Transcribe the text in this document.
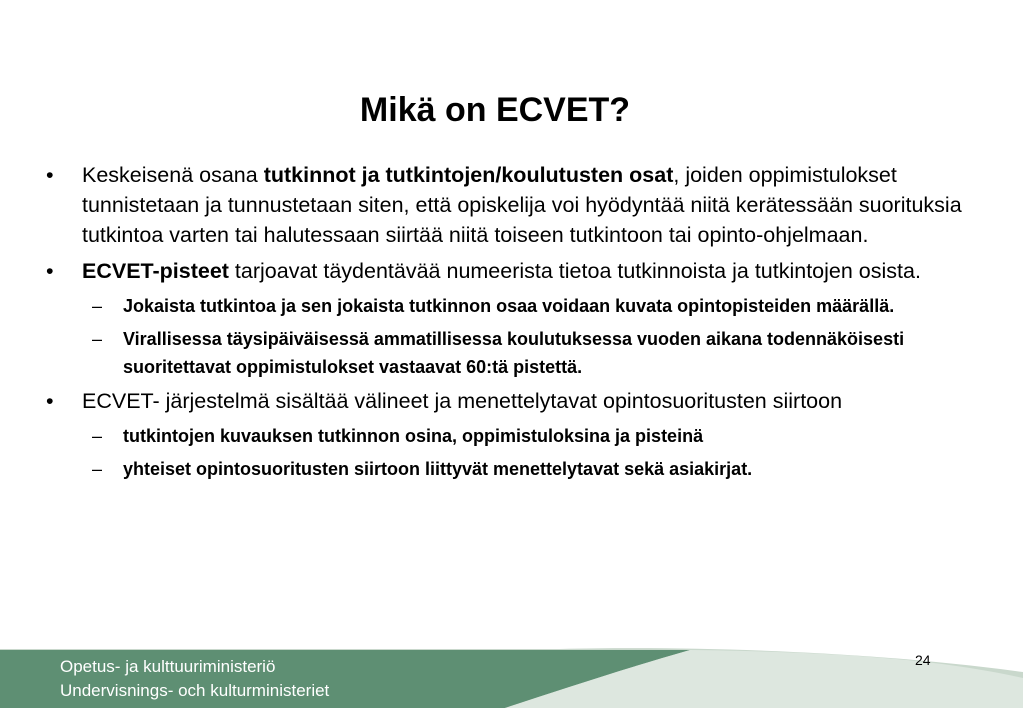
Mikä on ECVET?
• Keskeisenä osana tutkinnot ja tutkintojen/koulutusten osat, joiden oppimistulokset tunnistetaan ja tunnustetaan siten, että opiskelija voi hyödyntää niitä kerätessään suorituksia tutkintoa varten tai halutessaan siirtää niitä toiseen tutkintoon tai opinto-ohjelmaan.
• ECVET-pisteet tarjoavat täydentävää numeerista tietoa tutkinnoista ja tutkintojen osista.
– Jokaista tutkintoa ja sen jokaista tutkinnon osaa voidaan kuvata opintopisteiden määrällä.
– Virallisessa täysipäiväisessä ammatillisessa koulutuksessa vuoden aikana todennäköisesti suoritettavat oppimistulokset vastaavat 60:tä pistettä.
• ECVET- järjestelmä sisältää välineet ja menettelytavat opintosuoritusten siirtoon
– tutkintojen kuvauksen tutkinnon osina, oppimistuloksina ja pisteinä
– yhteiset opintosuoritusten siirtoon liittyvät menettelytavat sekä asiakirjat.
Opetus- ja kulttuuriministeriö
Undervisnings- och kulturministeriet
24
